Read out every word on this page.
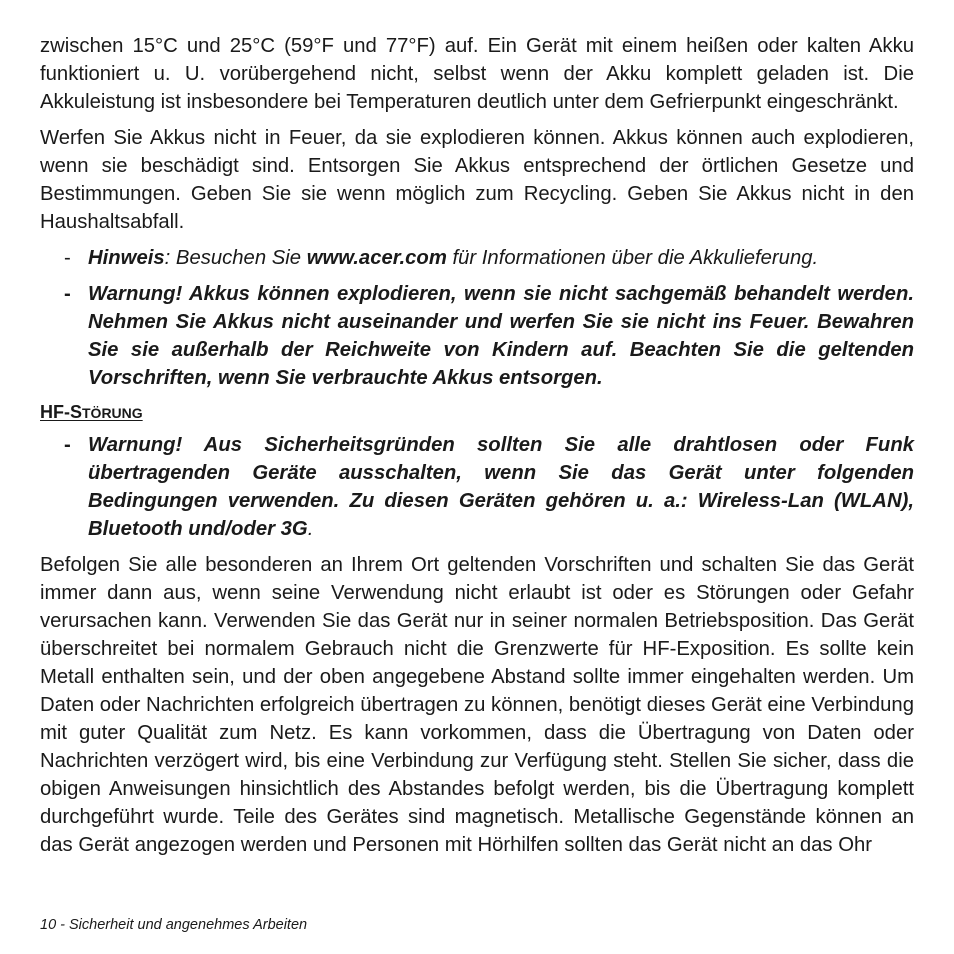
zwischen 15°C und 25°C (59°F und 77°F) auf. Ein Gerät mit einem heißen oder kalten Akku funktioniert u. U. vorübergehend nicht, selbst wenn der Akku komplett geladen ist. Die Akkuleistung ist insbesondere bei Temperaturen deutlich unter dem Gefrierpunkt eingeschränkt.

Werfen Sie Akkus nicht in Feuer, da sie explodieren können. Akkus können auch explodieren, wenn sie beschädigt sind. Entsorgen Sie Akkus entsprechend der örtlichen Gesetze und Bestimmungen. Geben Sie sie wenn möglich zum Recycling. Geben Sie Akkus nicht in den Haushaltsabfall.

- Hinweis: Besuchen Sie www.acer.com für Informationen über die Akkulieferung.
- Warnung! Akkus können explodieren, wenn sie nicht sachgemäß behandelt werden. Nehmen Sie Akkus nicht auseinander und werfen Sie sie nicht ins Feuer. Bewahren Sie sie außerhalb der Reichweite von Kindern auf. Beachten Sie die geltenden Vorschriften, wenn Sie verbrauchte Akkus entsorgen.
HF-STÖRUNG
- Warnung! Aus Sicherheitsgründen sollten Sie alle drahtlosen oder Funk übertragenden Geräte ausschalten, wenn Sie das Gerät unter folgenden Bedingungen verwenden. Zu diesen Geräten gehören u. a.: Wireless-Lan (WLAN), Bluetooth und/oder 3G.

Befolgen Sie alle besonderen an Ihrem Ort geltenden Vorschriften und schalten Sie das Gerät immer dann aus, wenn seine Verwendung nicht erlaubt ist oder es Störungen oder Gefahr verursachen kann. Verwenden Sie das Gerät nur in seiner normalen Betriebsposition. Das Gerät überschreitet bei normalem Gebrauch nicht die Grenzwerte für HF-Exposition. Es sollte kein Metall enthalten sein, und der oben angegebene Abstand sollte immer eingehalten werden. Um Daten oder Nachrichten erfolgreich übertragen zu können, benötigt dieses Gerät eine Verbindung mit guter Qualität zum Netz. Es kann vorkommen, dass die Übertragung von Daten oder Nachrichten verzögert wird, bis eine Verbindung zur Verfügung steht. Stellen Sie sicher, dass die obigen Anweisungen hinsichtlich des Abstandes befolgt werden, bis die Übertragung komplett durchgeführt wurde. Teile des Gerätes sind magnetisch. Metallische Gegenstände können an das Gerät angezogen werden und Personen mit Hörhilfen sollten das Gerät nicht an das Ohr

10 - Sicherheit und angenehmes Arbeiten
